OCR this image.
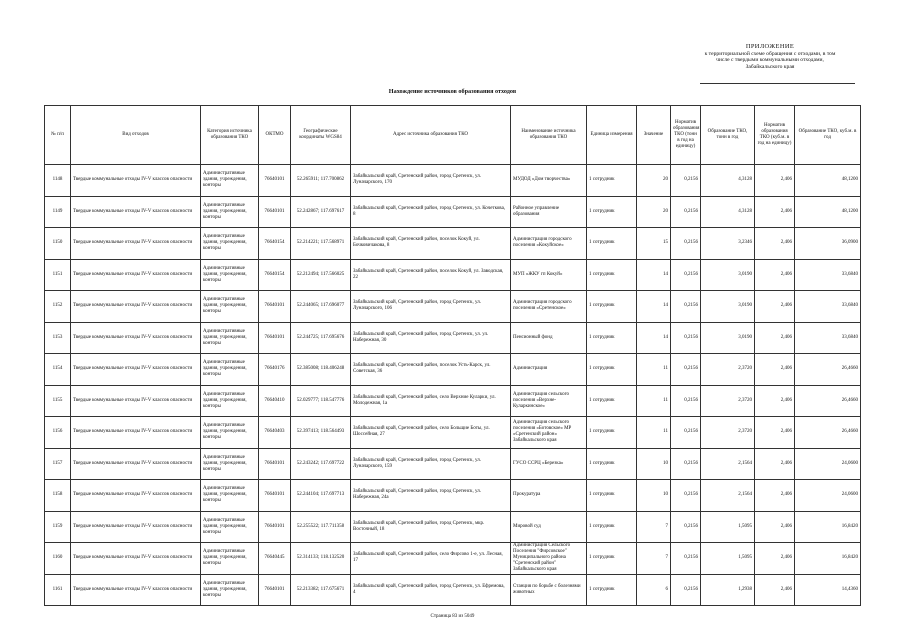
ПРИЛОЖЕНИЕ
к территориальной схеме обращения с отходами, в том
числе с твердыми коммунальными отходами,
Забайкальского края
Нахождение источников образования отходов
№ п/п	Вид отходов	Категория источника образования ТКО	ОКТМО	Географические координаты WGS84	Адрес источника образования ТКО	Наименование источника образования ТКО	Единица измерения	Значение	Норматив образования ТКО (тонн в год на единицу)	Образование ТКО, тонн в год	Норматив образования ТКО (куб.м. в год на единицу)	Образование ТКО, куб.м. в год
1148	Твердые коммунальные отходы IV-V классов опасности	Административные здания, учреждения, конторы	76640101	52.265911; 117.700862	Забайкальский край, Сретенский район, город Сретенск, ул. Луначарского, 170	МУДОД «Дом творчества»	1 сотрудник	20	0,2156	4,3128	2,406	48,1200
1149	Твердые коммунальные отходы IV-V классов опасности	Административные здания, учреждения, конторы	76640101	52.242867; 117.697617	Забайкальский край, Сретенский район, город Сретенск, ул. Кочеткова, 8	Районное управление образования	1 сотрудник	20	0,2156	4,3128	2,406	48,1200
1150	Твердые коммунальные отходы IV-V классов опасности	Административные здания, учреждения, конторы	76640154	52.214221; 117.568971	Забайкальский край, Сретенский район, поселок Кокуй, ул. Бочковичакова, 8	Администрация городского поселения «Кокуйское»	1 сотрудник	15	0,2156	3,2346	2,406	36,0900
1151	Твердые коммунальные отходы IV-V классов опасности	Административные здания, учреждения, конторы	76640154	52.212494; 117.566025	Забайкальский край, Сретенский район, поселок Кокуй, ул. Заводская, 22	МУП «ЖКУ гп Кокуй»	1 сотрудник	14	0,2156	3,0190	2,406	33,6840
1152	Твердые коммунальные отходы IV-V классов опасности	Административные здания, учреждения, конторы	76640101	52.244065; 117.696077	Забайкальский край, Сретенский район, город Сретенск, ул. Луначарского, 106	Администрация городского поселения «Сретенское»	1 сотрудник	14	0,2156	3,0190	2,406	33,6840
1153	Твердые коммунальные отходы IV-V классов опасности	Административные здания, учреждения, конторы	76640101	52.244725; 117.695676	Забайкальский край, Сретенский район, город Сретенск, ул. ул. Набережная, 30	Пенсионный фонд	1 сотрудник	14	0,2156	3,0190	2,406	33,6840
1154	Твердые коммунальные отходы IV-V классов опасности	Административные здания, учреждения, конторы	76640176	52.385008; 118.406248	Забайкальский край, Сретенский район, поселок Усть-Карск, ул. Советская, 36	Администрация	1 сотрудник	11	0,2156	2,3720	2,406	26,4660
1155	Твердые коммунальные отходы IV-V классов опасности	Административные здания, учреждения, конторы	76640410	52.029777; 118.547776	Забайкальский край, Сретенский район, село Верхние Куларки, ул. Молодежная, 1а	Администрация сельского поселения «Верхне-Куларкинское»	1 сотрудник	11	0,2156	2,3720	2,406	26,4660
1156	Твердые коммунальные отходы IV-V классов опасности	Административные здания, учреждения, конторы	76640403	52.397413; 118.564493	Забайкальский край, Сретенский район, село Больщие Боты, ул. Шоссейная, 27	Администрация сельского поселения «Ботовское» МР «Сретенский район» Забайкальского края	1 сотрудник	11	0,2156	2,3720	2,406	26,4660
1157	Твердые коммунальные отходы IV-V классов опасности	Административные здания, учреждения, конторы	76640101	52.243242; 117.697722	Забайкальский край, Сретенский район, город Сретенск, ул. Луначарского, 159	ГУСО ССРЦ «Березка»	1 сотрудник	10	0,2156	2,1564	2,406	24,0600
1158	Твердые коммунальные отходы IV-V классов опасности	Административные здания, учреждения, конторы	76640101	52.244104; 117.697713	Забайкальский край, Сретенский район, город Сретенск, ул. Набережная, 24а	Прокуратура	1 сотрудник	10	0,2156	2,1564	2,406	24,0600
1159	Твердые коммунальные отходы IV-V классов опасности	Административные здания, учреждения, конторы	76640101	52.255522; 117.711358	Забайкальский край, Сретенский район, город Сретенск, мкр. Восточный, 18	Мировой суд	1 сотрудник	7	0,2156	1,5095	2,406	16,8420
1160	Твердые коммунальные отходы IV-V классов опасности	Административные здания, учреждения, конторы	76640445	52.314133; 118.132520	Забайкальский край, Сретенский район, село Фирсово 1-е, ул. Лесная, 17	Администрация Сельского Поселения "Фирсовское" Муниципального района "Сретенский район" Забайкальского края	1 сотрудник	7	0,2156	1,5095	2,406	16,8420
1161	Твердые коммунальные отходы IV-V классов опасности	Административные здания, учреждения, конторы	76640101	52.213382; 117.675671	Забайкальский край, Сретенский район, город Сретенск, ул. Ефремова, 4	Станция по борьбе с болезнями животных	1 сотрудник	6	0,2156	1,2938	2,406	14,4360
Страница 83 из 5049
